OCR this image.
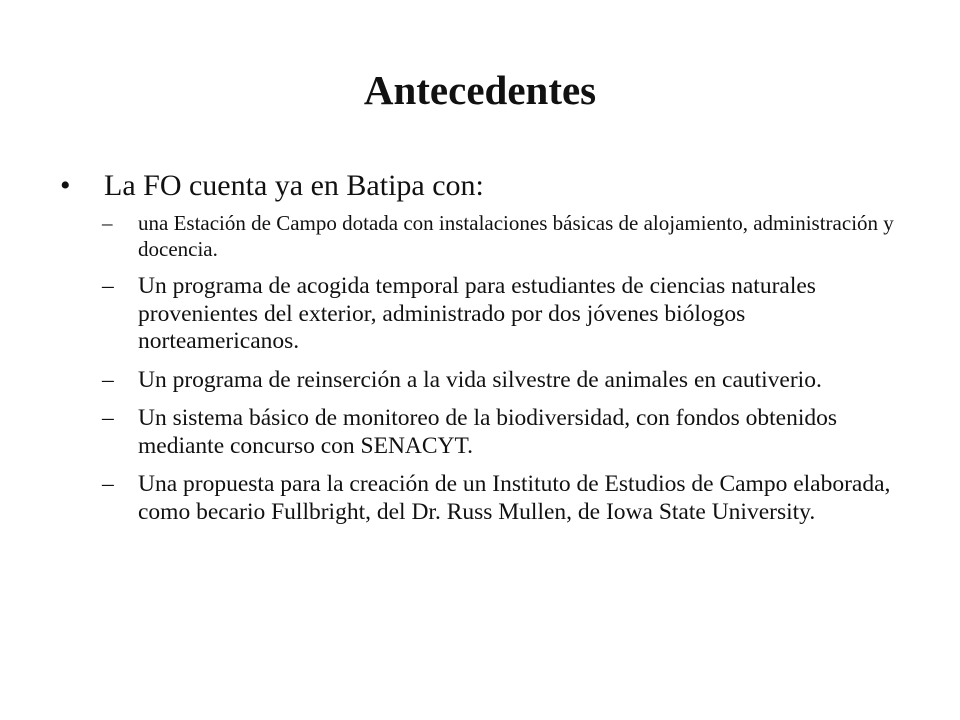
Antecedentes
•	La FO cuenta ya en Batipa con:
–	una Estación de Campo dotada con instalaciones básicas de alojamiento, administración y docencia.
–	Un programa de acogida temporal para estudiantes de ciencias naturales provenientes del exterior, administrado por dos jóvenes biólogos norteamericanos.
–	Un programa de reinserción a la vida silvestre de animales en cautiverio.
–	Un sistema básico de monitoreo de la biodiversidad, con fondos obtenidos mediante concurso con SENACYT.
–	Una propuesta para la creación de un Instituto de Estudios de Campo elaborada, como becario Fullbright, del Dr. Russ Mullen, de Iowa State University.
